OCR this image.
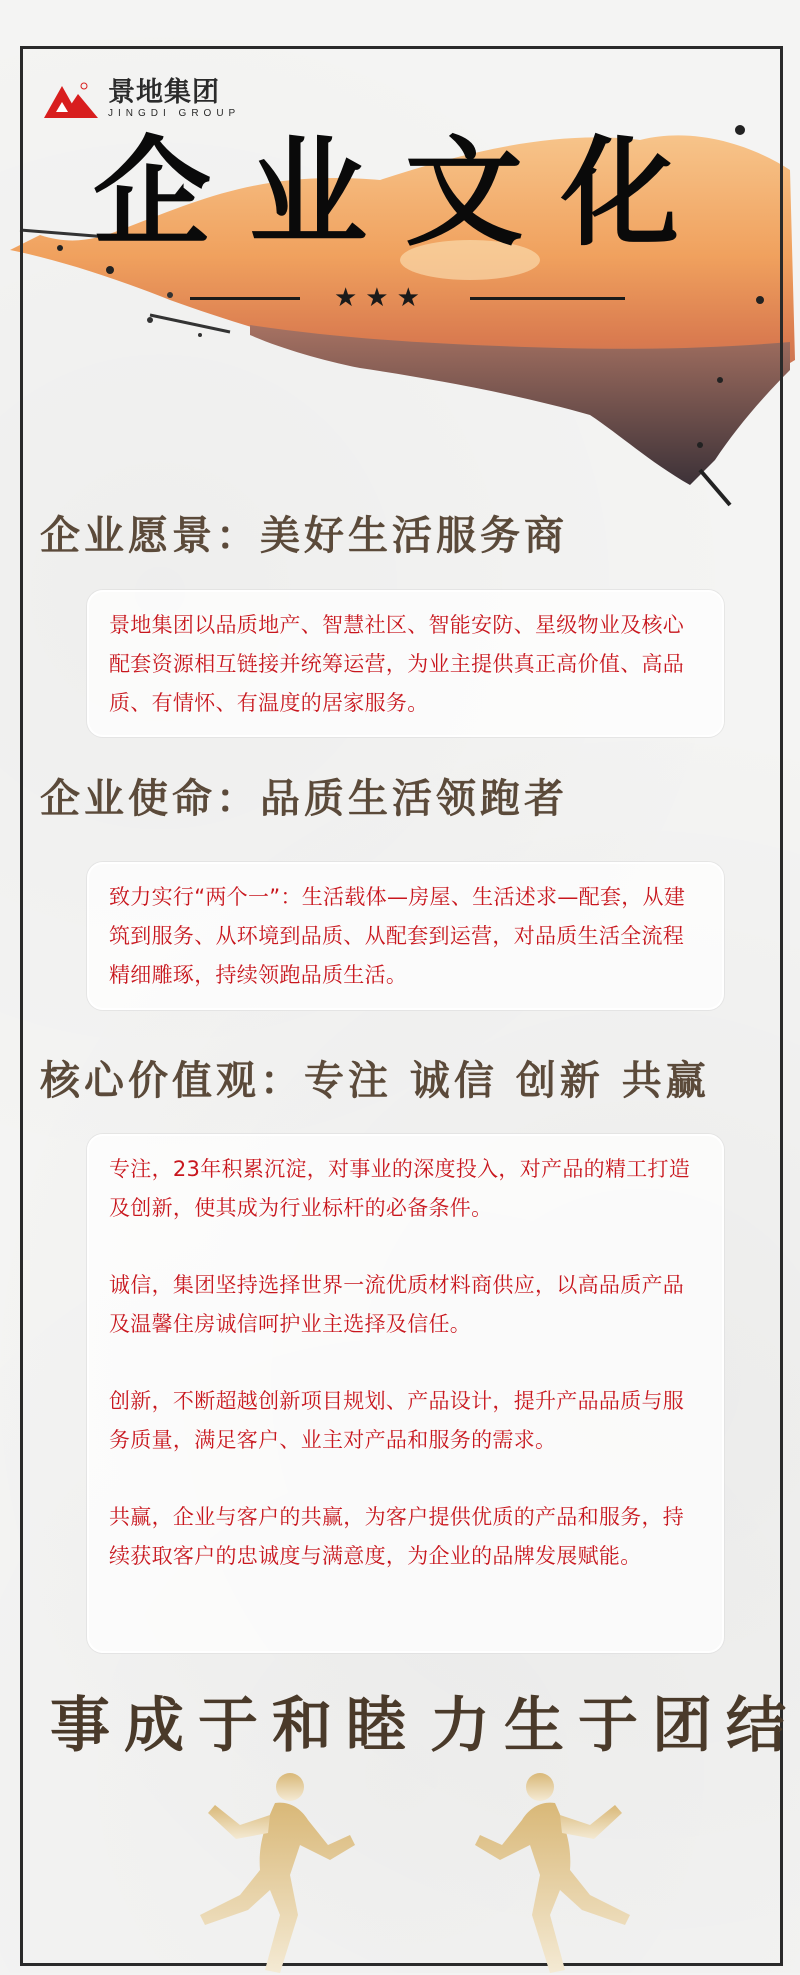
景地集团
JINGDI GROUP
企业文化
★★★
企业愿景：美好生活服务商

景地集团以品质地产、智慧社区、智能安防、星级物业及核心配套资源相互链接并统筹运营，为业主提供真正高价值、高品质、有情怀、有温度的居家服务。

企业使命：品质生活领跑者

致力实行“两个一”：生活载体—房屋、生活述求—配套，从建筑到服务、从环境到品质、从配套到运营，对品质生活全流程精细雕琢，持续领跑品质生活。

核心价值观：专注 诚信 创新 共赢

专注，23年积累沉淀，对事业的深度投入，对产品的精工打造及创新，使其成为行业标杆的必备条件。

诚信，集团坚持选择世界一流优质材料商供应，以高品质产品及温馨住房诚信呵护业主选择及信任。

创新，不断超越创新项目规划、产品设计，提升产品品质与服务质量，满足客户、业主对产品和服务的需求。

共赢，企业与客户的共赢，为客户提供优质的产品和服务，持续获取客户的忠诚度与满意度，为企业的品牌发展赋能。

事成于和睦 力生于团结
